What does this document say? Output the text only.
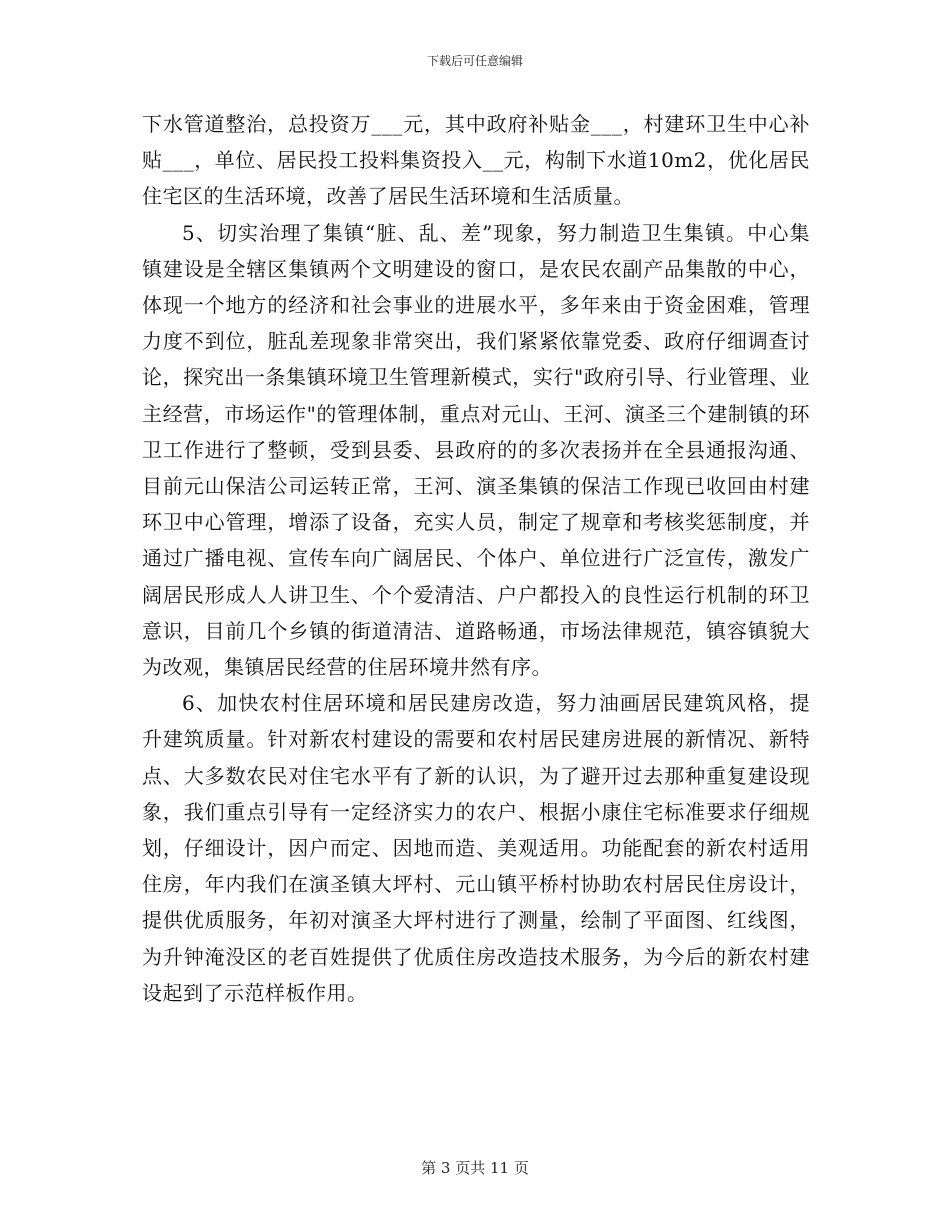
下载后可任意编辑

下水管道整治，总投资万___元，其中政府补贴金___，村建环卫生中心补贴___，单位、居民投工投料集资投入__元，构制下水道10m2，优化居民住宅区的生活环境，改善了居民生活环境和生活质量。

5、切实治理了集镇“脏、乱、差”现象，努力制造卫生集镇。中心集镇建设是全辖区集镇两个文明建设的窗口，是农民农副产品集散的中心，体现一个地方的经济和社会事业的进展水平，多年来由于资金困难，管理力度不到位，脏乱差现象非常突出，我们紧紧依靠党委、政府仔细调查讨论，探究出一条集镇环境卫生管理新模式，实行"政府引导、行业管理、业主经营，市场运作"的管理体制，重点对元山、王河、演圣三个建制镇的环卫工作进行了整顿，受到县委、县政府的的多次表扬并在全县通报沟通、目前元山保洁公司运转正常，王河、演圣集镇的保洁工作现已收回由村建环卫中心管理，增添了设备，充实人员，制定了规章和考核奖惩制度，并通过广播电视、宣传车向广阔居民、个体户、单位进行广泛宣传，激发广阔居民形成人人讲卫生、个个爱清洁、户户都投入的良性运行机制的环卫意识，目前几个乡镇的街道清洁、道路畅通，市场法律规范，镇容镇貌大为改观，集镇居民经营的住居环境井然有序。

6、加快农村住居环境和居民建房改造，努力油画居民建筑风格，提升建筑质量。针对新农村建设的需要和农村居民建房进展的新情况、新特点、大多数农民对住宅水平有了新的认识，为了避开过去那种重复建设现象，我们重点引导有一定经济实力的农户、根据小康住宅标准要求仔细规划，仔细设计，因户而定、因地而造、美观适用。功能配套的新农村适用住房，年内我们在演圣镇大坪村、元山镇平桥村协助农村居民住房设计，提供优质服务，年初对演圣大坪村进行了测量，绘制了平面图、红线图，为升钟淹没区的老百姓提供了优质住房改造技术服务，为今后的新农村建设起到了示范样板作用。

第 3 页共 11 页
